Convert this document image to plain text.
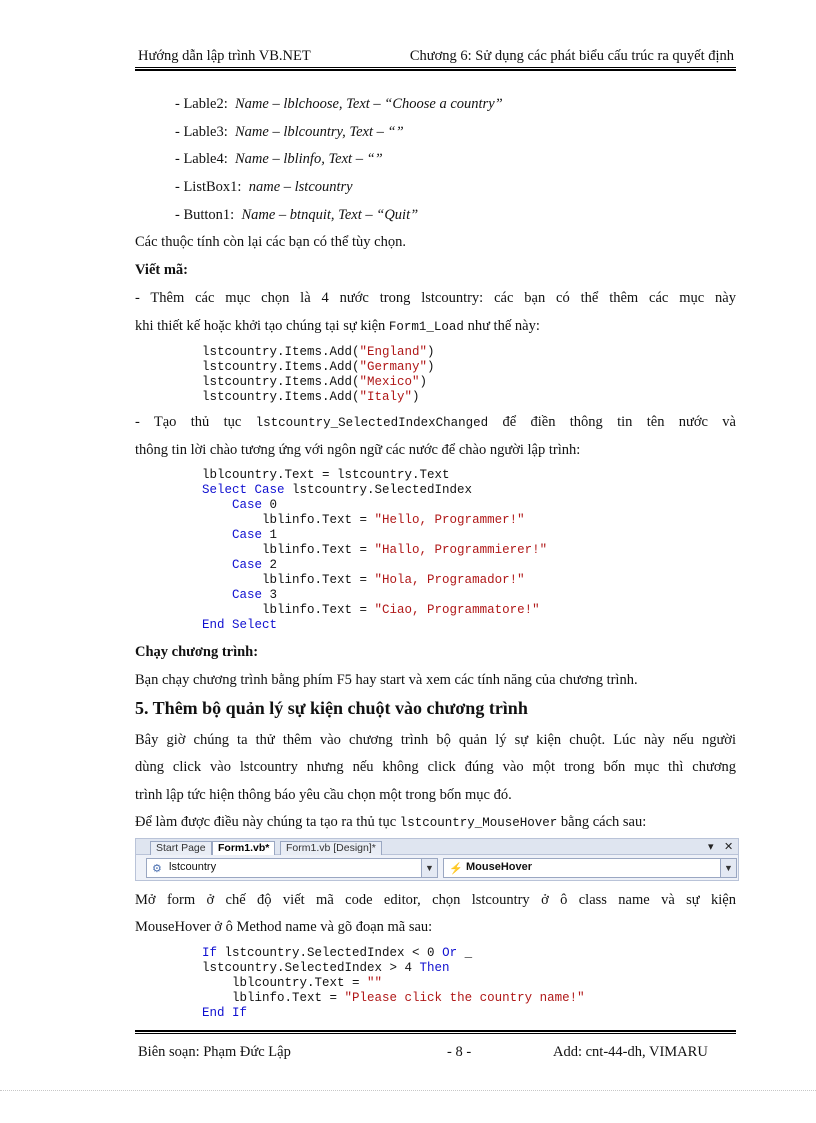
Hướng dẫn lập trình VB.NET	Chương 6: Sử dụng các phát biểu cấu trúc ra quyết định
- Lable2: Name – lblchoose, Text – “Choose a country”
- Lable3: Name – lblcountry, Text – “”
- Lable4: Name – lblinfo, Text – “”
- ListBox1: name – lstcountry
- Button1: Name – btnquit, Text – “Quit”
Các thuộc tính còn lại các bạn có thể tùy chọn.
Viết mã:
- Thêm các mục chọn là 4 nước trong lstcountry: các bạn có thể thêm các mục này
khi thiết kế hoặc khởi tạo chúng tại sự kiện Form1_Load như thế này:
lstcountry.Items.Add("England")
lstcountry.Items.Add("Germany")
lstcountry.Items.Add("Mexico")
lstcountry.Items.Add("Italy")
- Tạo thủ tục lstcountry_SelectedIndexChanged để điền thông tin tên nước và
thông tin lời chào tương ứng với ngôn ngữ các nước để chào người lập trình:
lblcountry.Text = lstcountry.Text
Select Case lstcountry.SelectedIndex
Case 0
lblinfo.Text = "Hello, Programmer!"
Case 1
lblinfo.Text = "Hallo, Programmierer!"
Case 2
lblinfo.Text = "Hola, Programador!"
Case 3
lblinfo.Text = "Ciao, Programmatore!"
End Select
Chạy chương trình:
Bạn chạy chương trình bằng phím F5 hay start và xem các tính năng của chương trình.
5. Thêm bộ quản lý sự kiện chuột vào chương trình
Bây giờ chúng ta thử thêm vào chương trình bộ quản lý sự kiện chuột. Lúc này nếu người
dùng click vào lstcountry nhưng nếu không click đúng vào một trong bốn mục thì chương
trình lập tức hiện thông báo yêu cầu chọn một trong bốn mục đó.
Để làm được điều này chúng ta tạo ra thủ tục lstcountry_MouseHover bằng cách sau:
Start Page	Form1.vb*	Form1.vb [Design]*	▾ ✕
⚙ lstcountry	▼ ⚡ MouseHover	▼
Mở form ở chế độ viết mã code editor, chọn lstcountry ở ô class name và sự kiện
MouseHover ở ô Method name và gõ đoạn mã sau:
If lstcountry.SelectedIndex < 0 Or _
lstcountry.SelectedIndex > 4 Then
lblcountry.Text = ""
lblinfo.Text = "Please click the country name!"
End If
Biên soạn: Phạm Đức Lập	- 8 -	Add: cnt-44-dh, VIMARU
